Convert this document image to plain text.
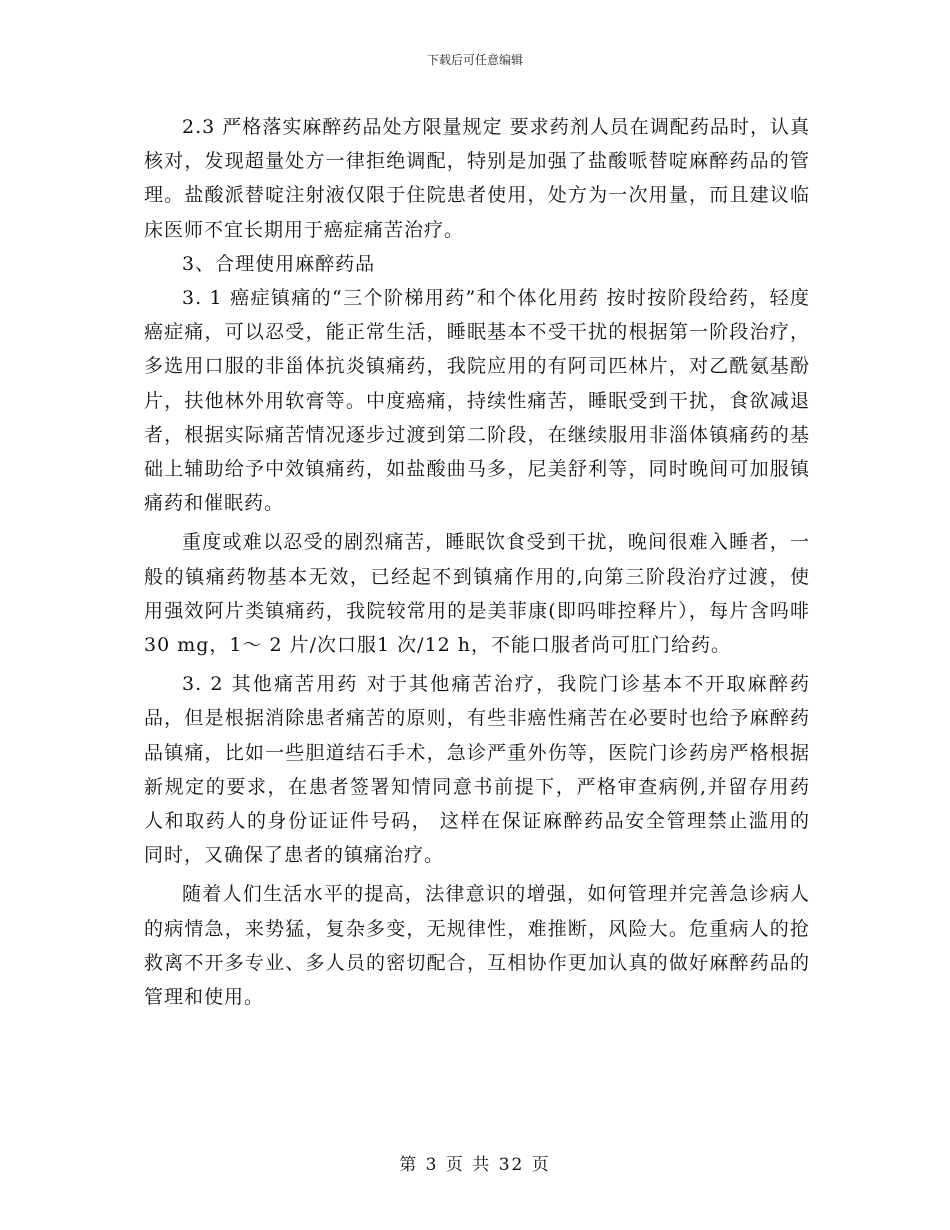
下载后可任意编辑

2.3 严格落实麻醉药品处方限量规定 要求药剂人员在调配药品时，认真核对，发现超量处方一律拒绝调配，特别是加强了盐酸哌替啶麻醉药品的管理。盐酸派替啶注射液仅限于住院患者使用，处方为一次用量，而且建议临床医师不宜长期用于癌症痛苦治疗。

3、合理使用麻醉药品

3. 1 癌症镇痛的“三个阶梯用药”和个体化用药 按时按阶段给药，轻度癌症痛，可以忍受，能正常生活，睡眠基本不受干扰的根据第一阶段治疗，多选用口服的非甾体抗炎镇痛药，我院应用的有阿司匹林片，对乙酰氨基酚片，扶他林外用软膏等。中度癌痛，持续性痛苦，睡眠受到干扰，食欲减退者，根据实际痛苦情况逐步过渡到第二阶段，在继续服用非淄体镇痛药的基础上辅助给予中效镇痛药，如盐酸曲马多，尼美舒利等，同时晚间可加服镇痛药和催眠药。

重度或难以忍受的剧烈痛苦，睡眠饮食受到干扰，晚间很难入睡者，一般的镇痛药物基本无效，已经起不到镇痛作用的,向第三阶段治疗过渡，使用强效阿片类镇痛药，我院较常用的是美菲康(即吗啡控释片），每片含吗啡30 mg，1～ 2 片/次口服1 次/12 h，不能口服者尚可肛门给药。

3. 2 其他痛苦用药 对于其他痛苦治疗，我院门诊基本不开取麻醉药品，但是根据消除患者痛苦的原则，有些非癌性痛苦在必要时也给予麻醉药品镇痛，比如一些胆道结石手术，急诊严重外伤等，医院门诊药房严格根据新规定的要求，在患者签署知情同意书前提下，严格审查病例,并留存用药人和取药人的身份证证件号码， 这样在保证麻醉药品安全管理禁止滥用的同时，又确保了患者的镇痛治疗。

随着人们生活水平的提高，法律意识的增强，如何管理并完善急诊病人的病情急，来势猛，复杂多变，无规律性，难推断，风险大。危重病人的抢救离不开多专业、多人员的密切配合，互相协作更加认真的做好麻醉药品的管理和使用。

第 3 页 共 32 页
